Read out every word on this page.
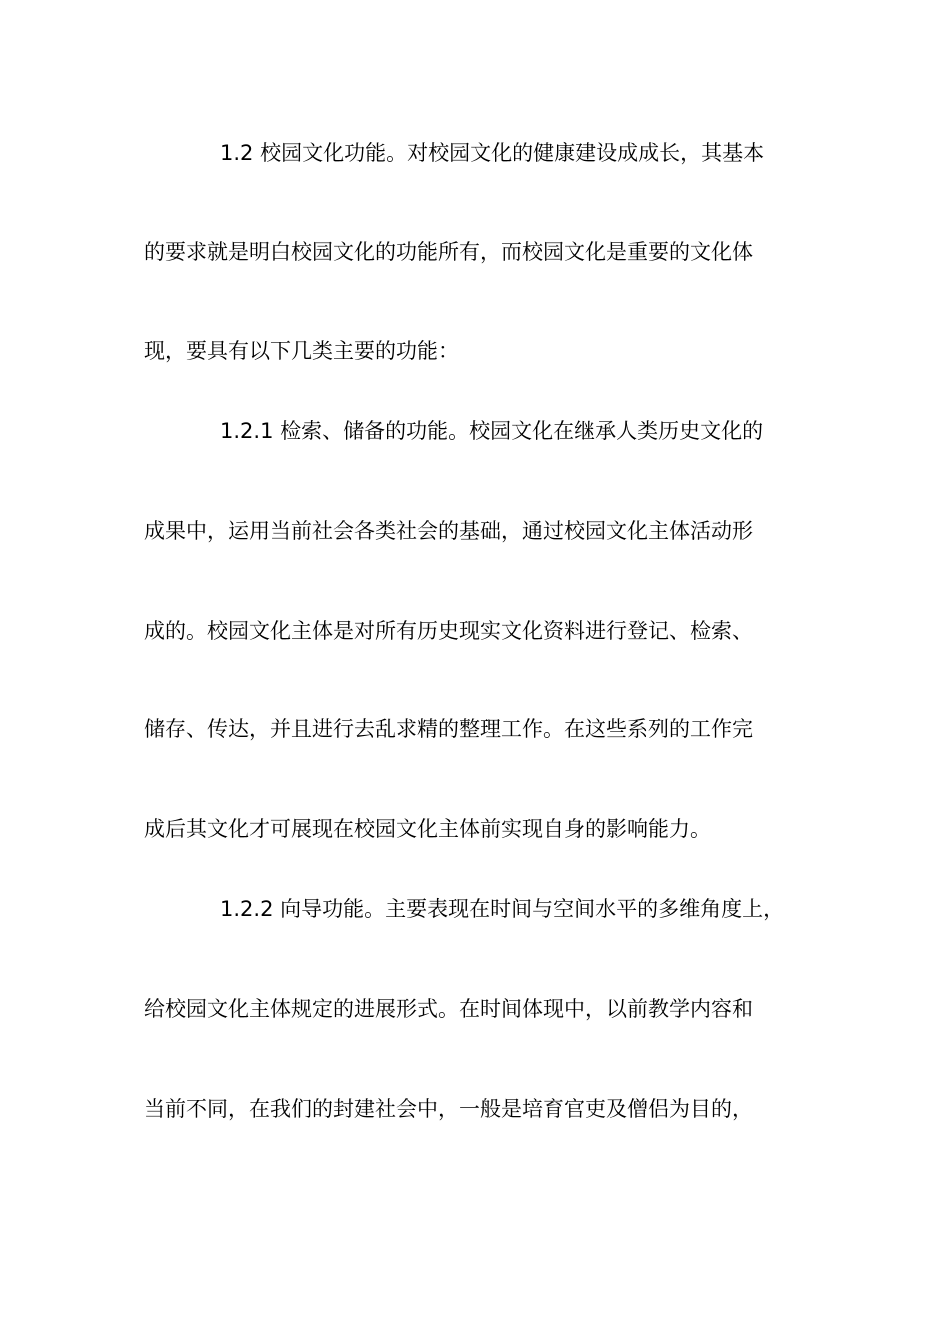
1.2 校园文化功能。对校园文化的健康建设成成长，其基本
的要求就是明白校园文化的功能所有，而校园文化是重要的文化体
现，要具有以下几类主要的功能：
1.2.1 检索、储备的功能。校园文化在继承人类历史文化的
成果中，运用当前社会各类社会的基础，通过校园文化主体活动形
成的。校园文化主体是对所有历史现实文化资料进行登记、检索、
储存、传达，并且进行去乱求精的整理工作。在这些系列的工作完
成后其文化才可展现在校园文化主体前实现自身的影响能力。
1.2.2 向导功能。主要表现在时间与空间水平的多维角度上，
给校园文化主体规定的进展形式。在时间体现中，以前教学内容和
当前不同，在我们的封建社会中，一般是培育官吏及僧侣为目的，
